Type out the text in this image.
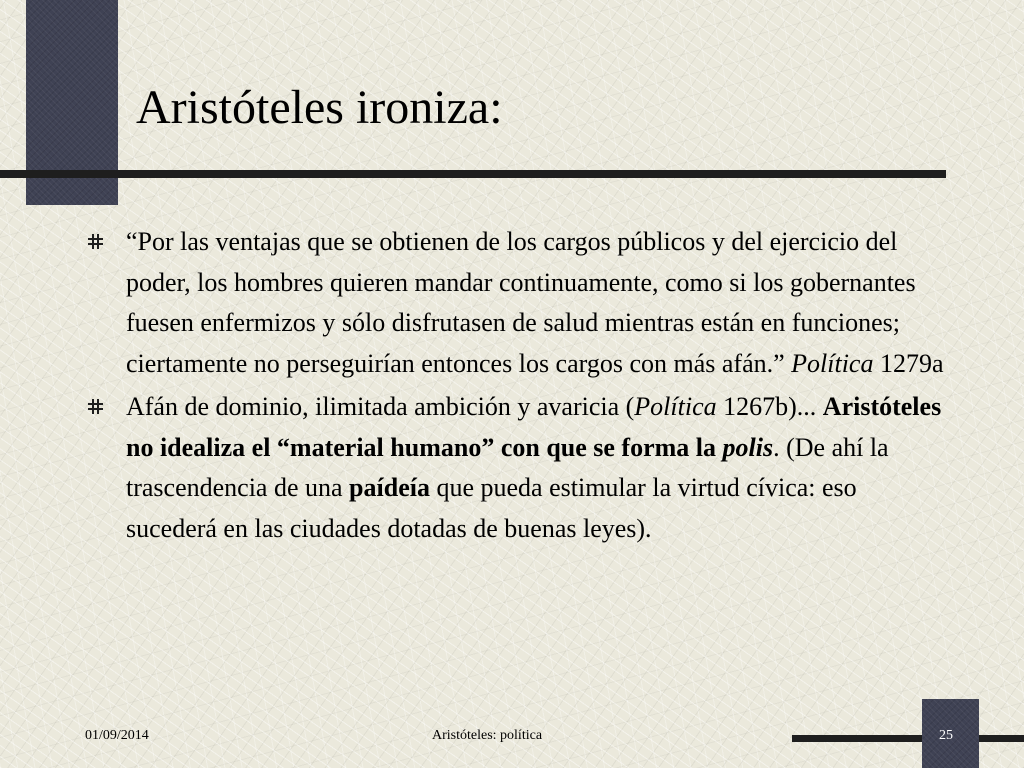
Aristóteles ironiza:
“Por las ventajas que se obtienen de los cargos públicos y del ejercicio del poder, los hombres quieren mandar continuamente, como si los gobernantes fuesen enfermizos y sólo disfrutasen de salud mientras están en funciones; ciertamente no perseguirían entonces los cargos con más afán.” Política 1279a
Afán de dominio, ilimitada ambición y avaricia (Política 1267b)... Aristóteles no idealiza el “material humano” con que se forma la polis. (De ahí la trascendencia de una paídeía que pueda estimular la virtud cívica: eso sucederá en las ciudades dotadas de buenas leyes).
01/09/2014	Aristóteles: política	25
